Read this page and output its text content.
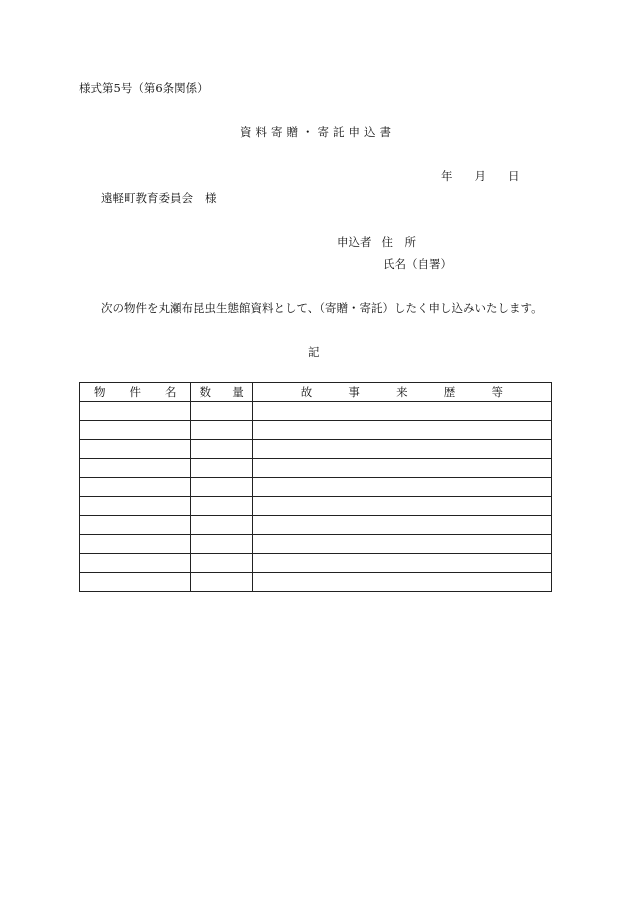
様式第5号（第6条関係）
資料寄贈・寄託申込書
年 月 日
遠軽町教育委員会 様
申込者 住　所
氏名（自署）
次の物件を丸瀬布昆虫生態館資料として、（寄贈・寄託）したく申し込みいたします。
記
物 件 名	数 量	故 事 来 歴 等
